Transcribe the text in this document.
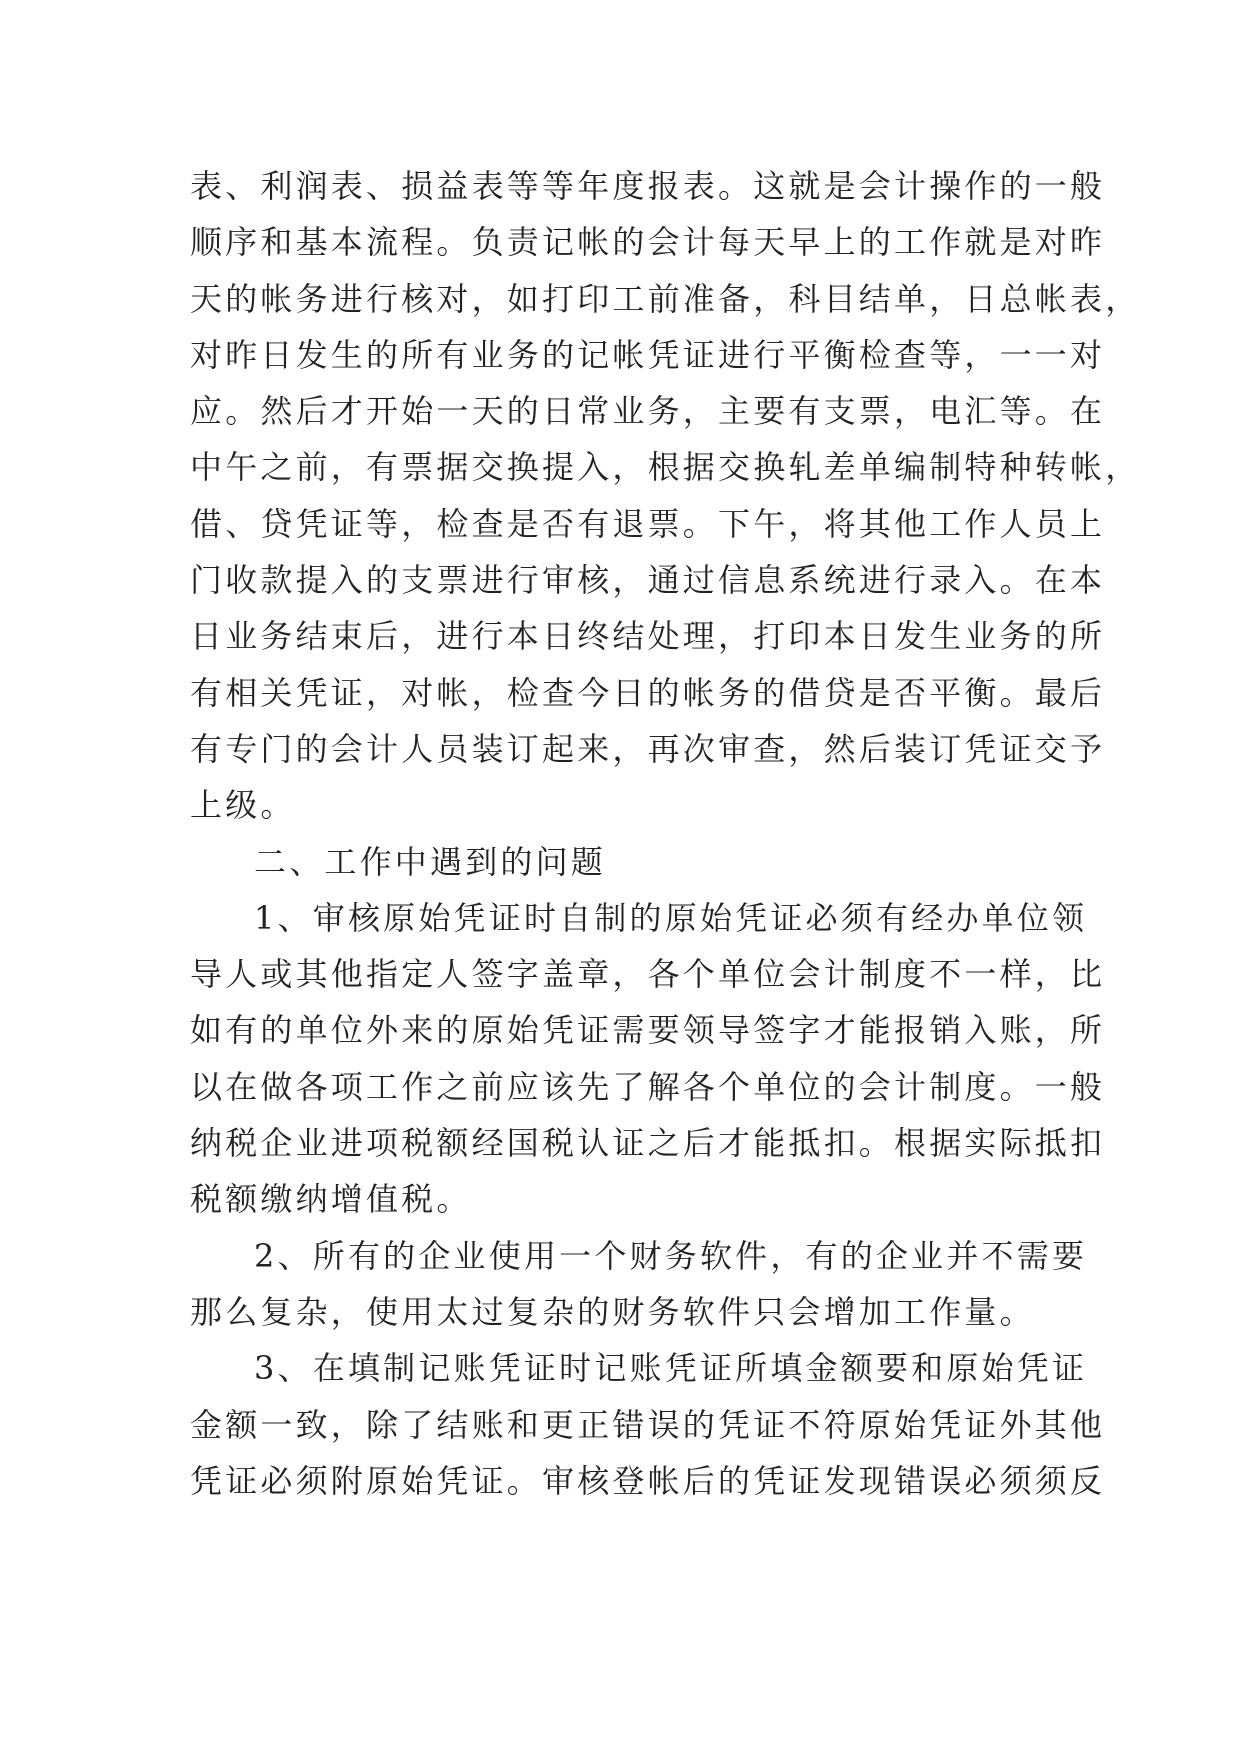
表、利润表、损益表等等年度报表。这就是会计操作的一般
顺序和基本流程。负责记帐的会计每天早上的工作就是对昨
天的帐务进行核对，如打印工前准备，科目结单，日总帐表，
对昨日发生的所有业务的记帐凭证进行平衡检查等，一一对
应。然后才开始一天的日常业务，主要有支票，电汇等。在
中午之前，有票据交换提入，根据交换轧差单编制特种转帐，
借、贷凭证等，检查是否有退票。下午，将其他工作人员上
门收款提入的支票进行审核，通过信息系统进行录入。在本
日业务结束后，进行本日终结处理，打印本日发生业务的所
有相关凭证，对帐，检查今日的帐务的借贷是否平衡。最后
有专门的会计人员装订起来，再次审查，然后装订凭证交予
上级。
二、工作中遇到的问题
1、审核原始凭证时自制的原始凭证必须有经办单位领
导人或其他指定人签字盖章，各个单位会计制度不一样，比
如有的单位外来的原始凭证需要领导签字才能报销入账，所
以在做各项工作之前应该先了解各个单位的会计制度。一般
纳税企业进项税额经国税认证之后才能抵扣。根据实际抵扣
税额缴纳增值税。
2、所有的企业使用一个财务软件，有的企业并不需要
那么复杂，使用太过复杂的财务软件只会增加工作量。
3、在填制记账凭证时记账凭证所填金额要和原始凭证
金额一致，除了结账和更正错误的凭证不符原始凭证外其他
凭证必须附原始凭证。审核登帐后的凭证发现错误必须须反
